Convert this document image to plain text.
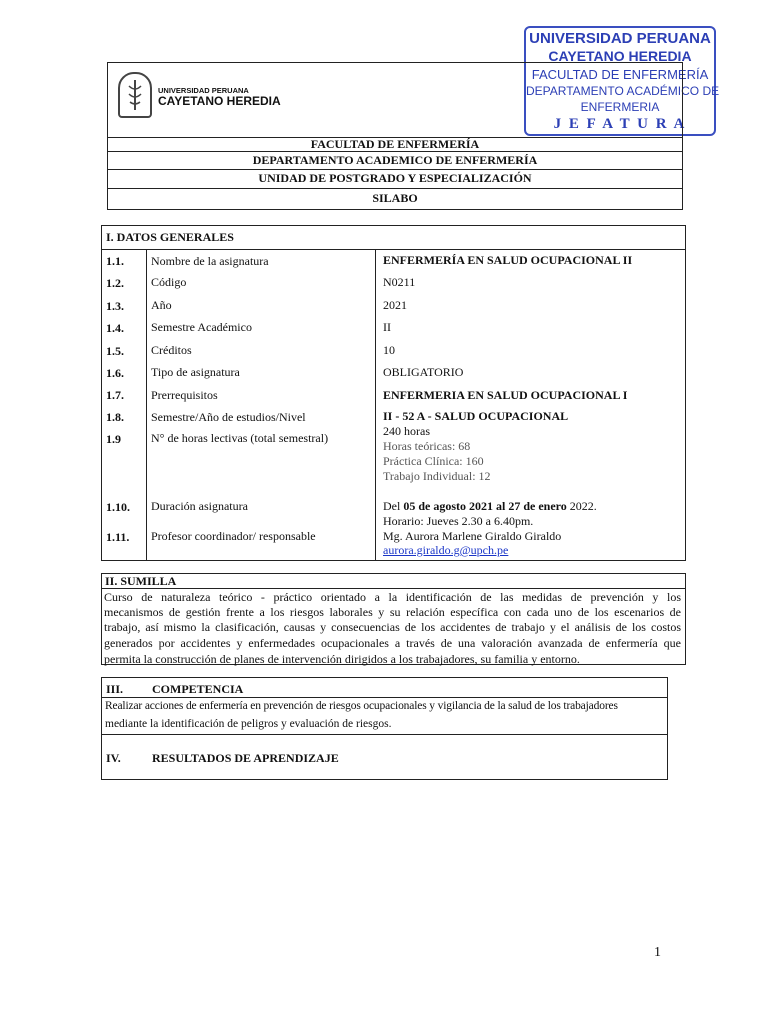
UNIVERSIDAD PERUANA
CAYETANO HEREDIA
FACULTAD DE ENFERMERÍA
DEPARTAMENTO ACADÉMICO DE
ENFERMERIA
J E F A T U R A
UNIVERSIDAD PERUANA
CAYETANO HEREDIA
FACULTAD DE ENFERMERÍA
DEPARTAMENTO ACADEMICO DE ENFERMERÍA
UNIDAD DE POSTGRADO Y ESPECIALIZACIÓN
SILABO
I. DATOS GENERALES
1.1. Nombre de la asignatura	ENFERMERÍA EN SALUD OCUPACIONAL II
1.2. Código	N0211
1.3. Año	2021
1.4. Semestre Académico	II
1.5. Créditos	10
1.6. Tipo de asignatura	OBLIGATORIO
1.7. Prerrequisitos	ENFERMERIA EN SALUD OCUPACIONAL I
1.8. Semestre/Año de estudios/Nivel	II - 52 A - SALUD OCUPACIONAL
1.9	N° de horas lectivas (total semestral)	240 horas
Horas teóricas: 68
Práctica Clínica: 160
Trabajo Individual: 12
1.10. Duración asignatura	Del 05 de agosto 2021 al 27 de enero 2022.
Horario: Jueves 2.30 a 6.40pm.
1.11. Profesor coordinador/ responsable	Mg. Aurora Marlene Giraldo Giraldo
aurora.giraldo.g@upch.pe
II. SUMILLA
Curso de naturaleza teórico - práctico orientado a la identificación de las medidas de prevención y los
mecanismos de gestión frente a los riesgos laborales y su relación específica con cada uno de los escenarios de
trabajo, así mismo la clasificación, causas y consecuencias de los accidentes de trabajo y el análisis de los costos
generados por accidentes y enfermedades ocupacionales a través de una valoración avanzada de enfermería que
permita la construcción de planes de intervención dirigidos a los trabajadores, su familia y entorno.
III. COMPETENCIA
Realizar acciones de enfermería en prevención de riesgos ocupacionales y vigilancia de la salud de los trabajadores
mediante la identificación de peligros y evaluación de riesgos.
IV.	RESULTADOS DE APRENDIZAJE
1
